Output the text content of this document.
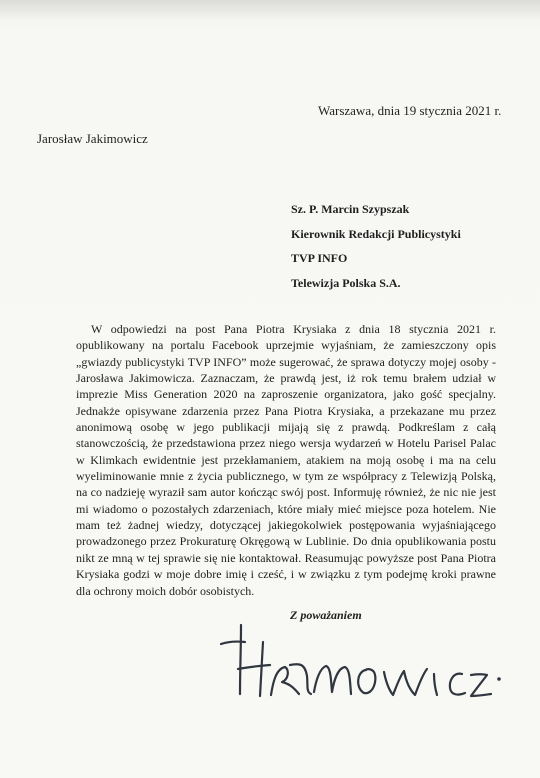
Warszawa, dnia 19 stycznia 2021 r.
Jarosław Jakimowicz
Sz. P. Marcin Szypszak
Kierownik Redakcji Publicystyki
TVP INFO
Telewizja Polska S.A.

W odpowiedzi na post Pana Piotra Krysiaka z dnia 18 stycznia 2021 r. opublikowany na portalu Facebook uprzejmie wyjaśniam, że zamieszczony opis „gwiazdy publicystyki TVP INFO” może sugerować, że sprawa dotyczy mojej osoby - Jarosława Jakimowicza. Zaznaczam, że prawdą jest, iż rok temu brałem udział w imprezie Miss Generation 2020 na zaproszenie organizatora, jako gość specjalny. Jednakże opisywane zdarzenia przez Pana Piotra Krysiaka, a przekazane mu przez anonimową osobę w jego publikacji mijają się z prawdą. Podkreślam z całą stanowczością, że przedstawiona przez niego wersja wydarzeń w Hotelu Parisel Palac w Klimkach ewidentnie jest przekłamaniem, atakiem na moją osobę i ma na celu wyeliminowanie mnie z życia publicznego, w tym ze współpracy z Telewizją Polską, na co nadzieję wyraził sam autor kończąc swój post. Informuję również, że nic nie jest mi wiadomo o pozostałych zdarzeniach, które miały mieć miejsce poza hotelem. Nie mam też żadnej wiedzy, dotyczącej jakiegokolwiek postępowania wyjaśniającego prowadzonego przez Prokuraturę Okręgową w Lublinie. Do dnia opublikowania postu nikt ze mną w tej sprawie się nie kontaktował. Reasumując powyższe post Pana Piotra Krysiaka godzi w moje dobre imię i cześć, i w związku z tym podejmę kroki prawne dla ochrony moich dobór osobistych.

Z poważaniem
